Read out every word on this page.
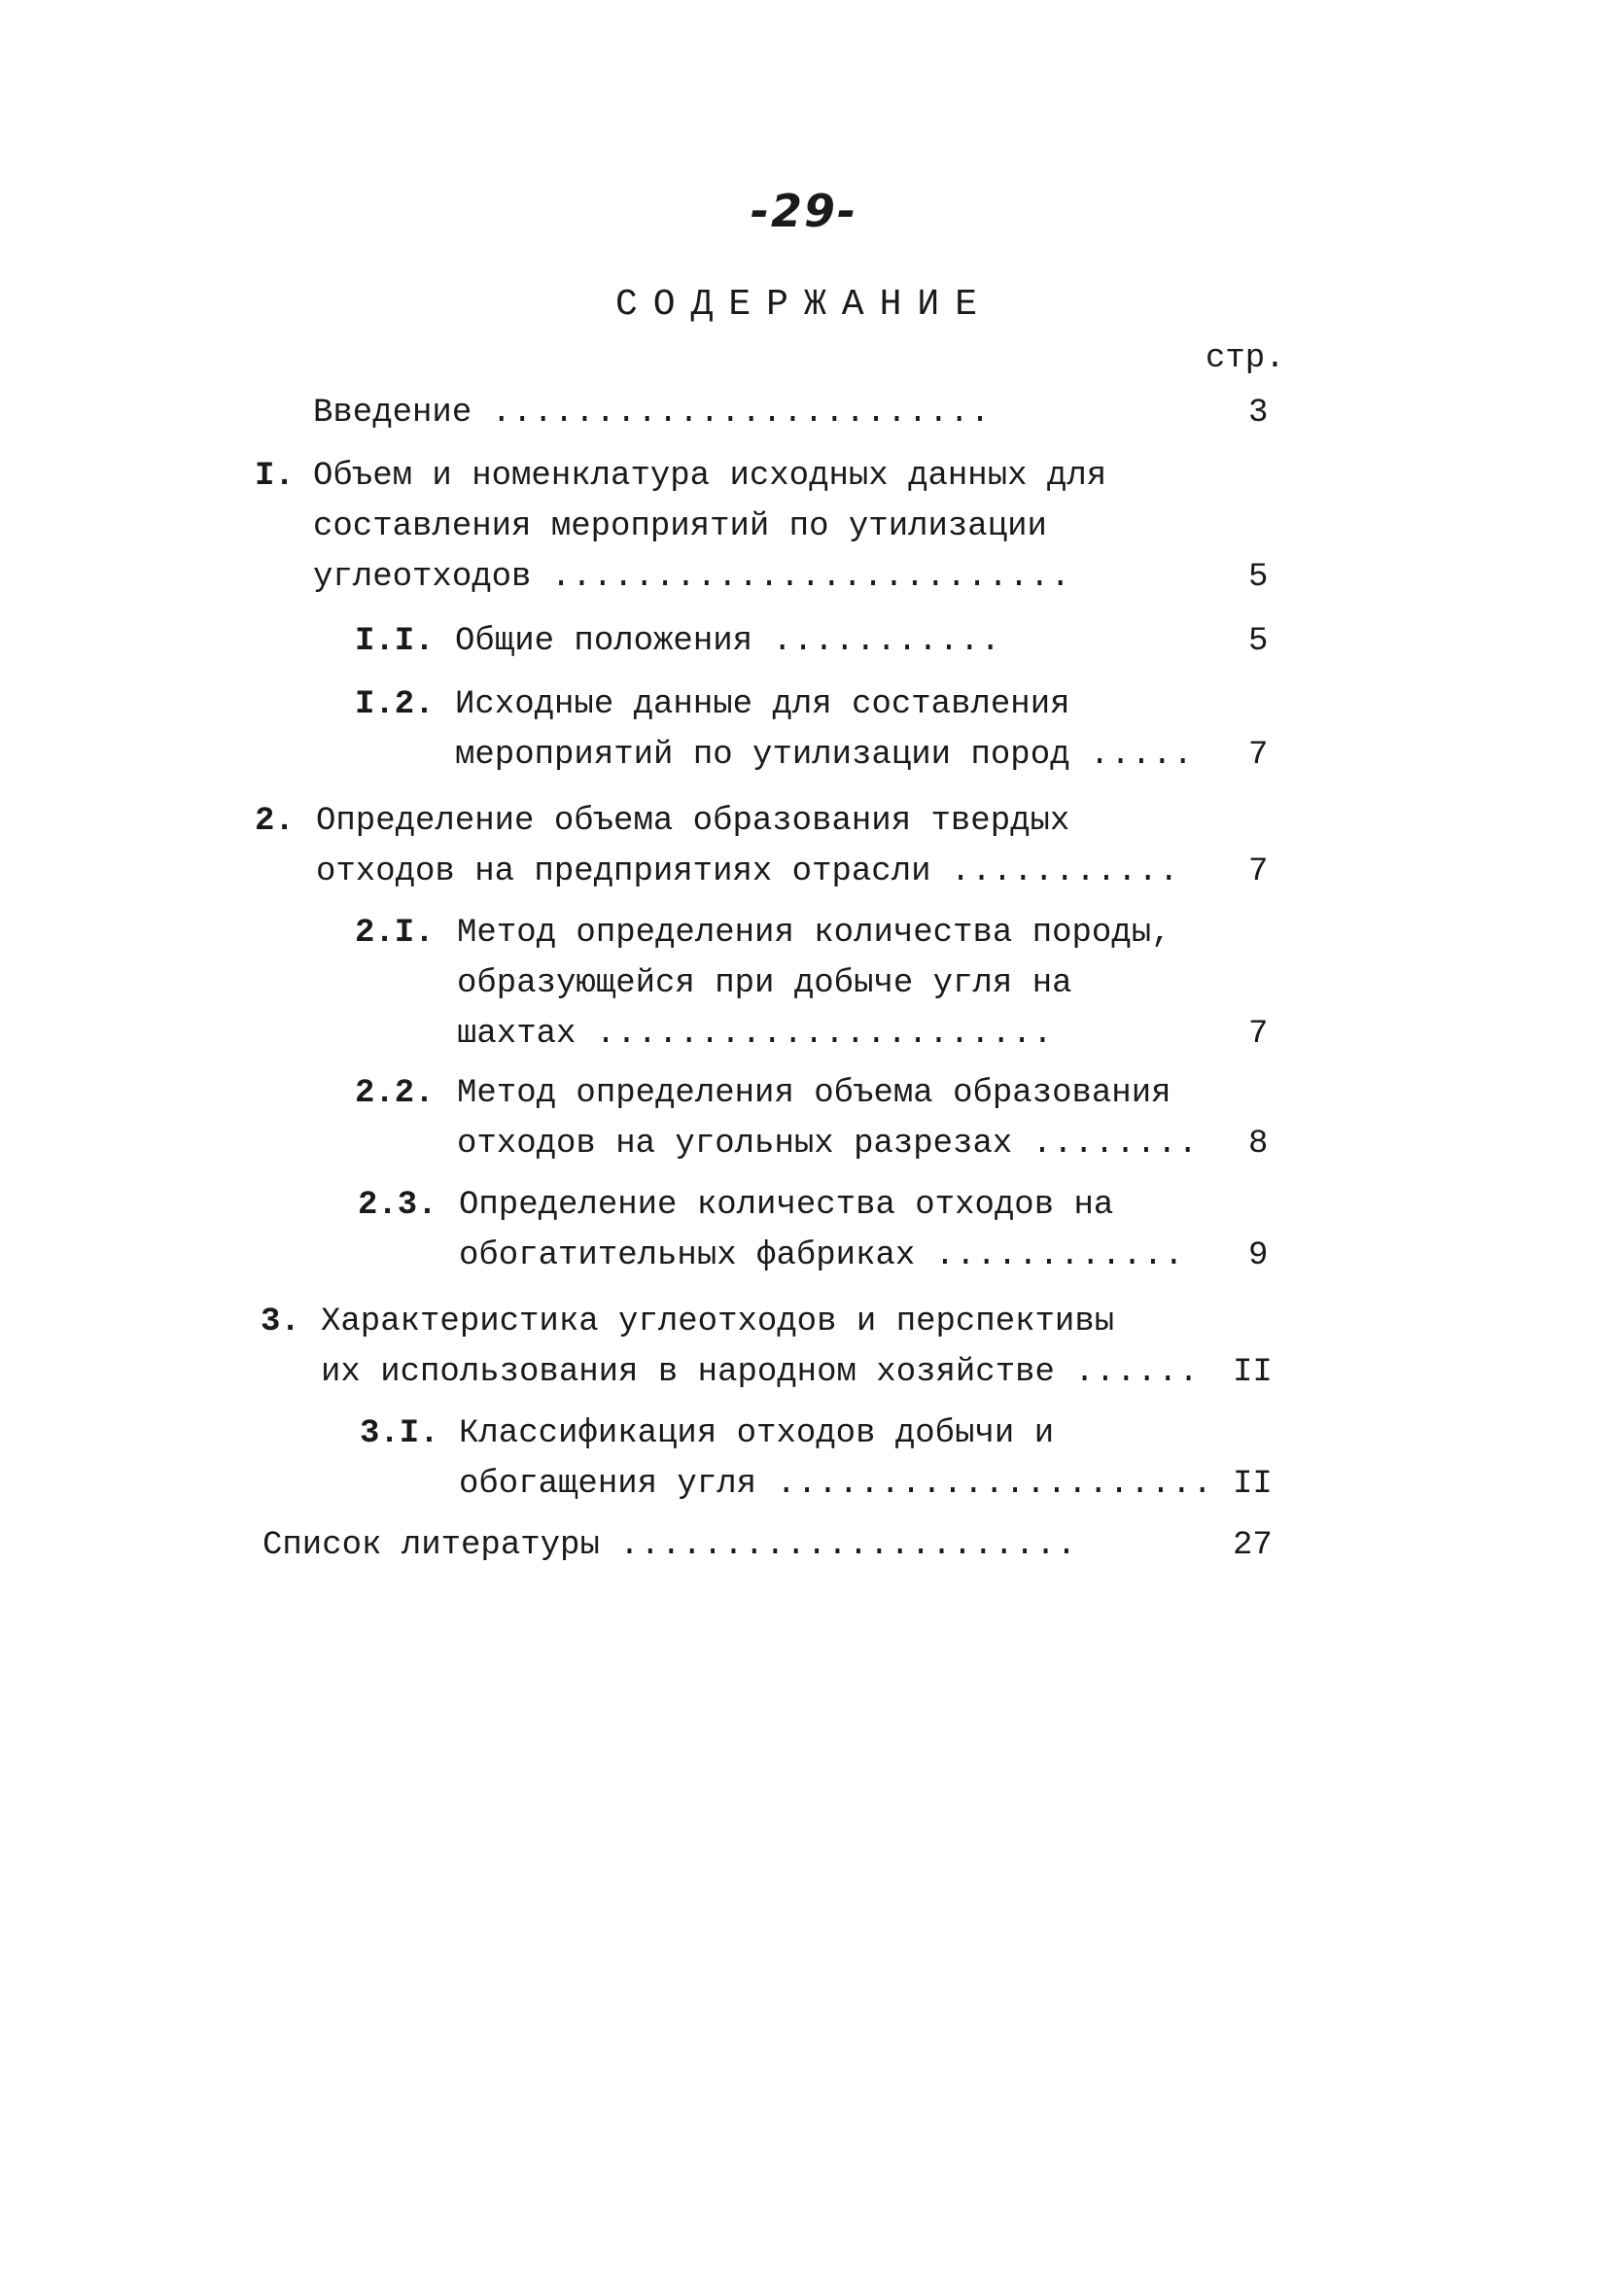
-29-
СОДЕРЖАНИЕ
стр.
Введение ........................	3
I. Объем и номенклатура исходных данных для
составления мероприятий по утилизации
углеотходов .........................	5
I.I. Общие положения ...........	5
I.2. Исходные данные для составления
мероприятий по утилизации пород ..... 7
2. Определение объема образования твердых
отходов на предприятиях отрасли ........... 7
2.I. Метод определения количества породы,
образующейся при добыче угля на
шахтах ......................	7
2.2. Метод определения объема образования
отходов на угольных разрезах ........ 8
2.3. Определение количества отходов на
обогатительных фабриках ............ 9
3. Характеристика углеотходов и перспективы
их использования в народном хозяйстве ...... II
3.I. Классификация отходов добычи и
обогащения угля ..................... II
Список литературы ......................	27
